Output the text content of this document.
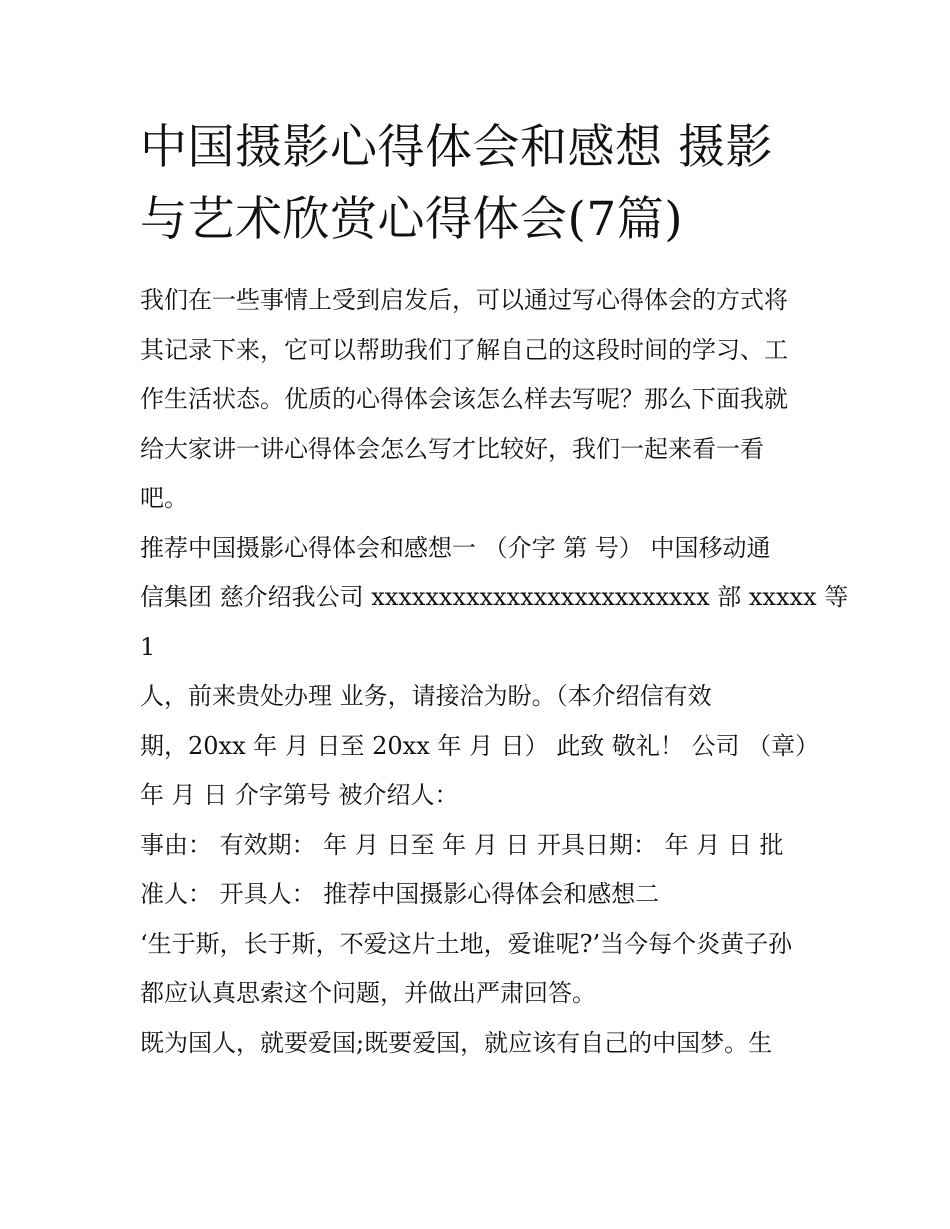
中国摄影心得体会和感想 摄影
与艺术欣赏心得体会(7篇)
我们在一些事情上受到启发后，可以通过写心得体会的方式将
其记录下来，它可以帮助我们了解自己的这段时间的学习、工
作生活状态。优质的心得体会该怎么样去写呢？那么下面我就
给大家讲一讲心得体会怎么写才比较好，我们一起来看一看
吧。
推荐中国摄影心得体会和感想一 （介字 第 号） 中国移动通
信集团 慈介绍我公司 xxxxxxxxxxxxxxxxxxxxxxxxx 部 xxxxx 等
1
人，前来贵处办理 业务，请接洽为盼。（本介绍信有效
期，20xx 年 月 日至 20xx 年 月 日） 此致 敬礼！ 公司 （章）
年 月 日 介字第号 被介绍人：
事由： 有效期： 年 月 日至 年 月 日 开具日期： 年 月 日 批
准人： 开具人： 推荐中国摄影心得体会和感想二
‘生于斯，长于斯，不爱这片土地，爱谁呢?’当今每个炎黄子孙
都应认真思索这个问题，并做出严肃回答。
既为国人，就要爱国;既要爱国，就应该有自己的中国梦。生
